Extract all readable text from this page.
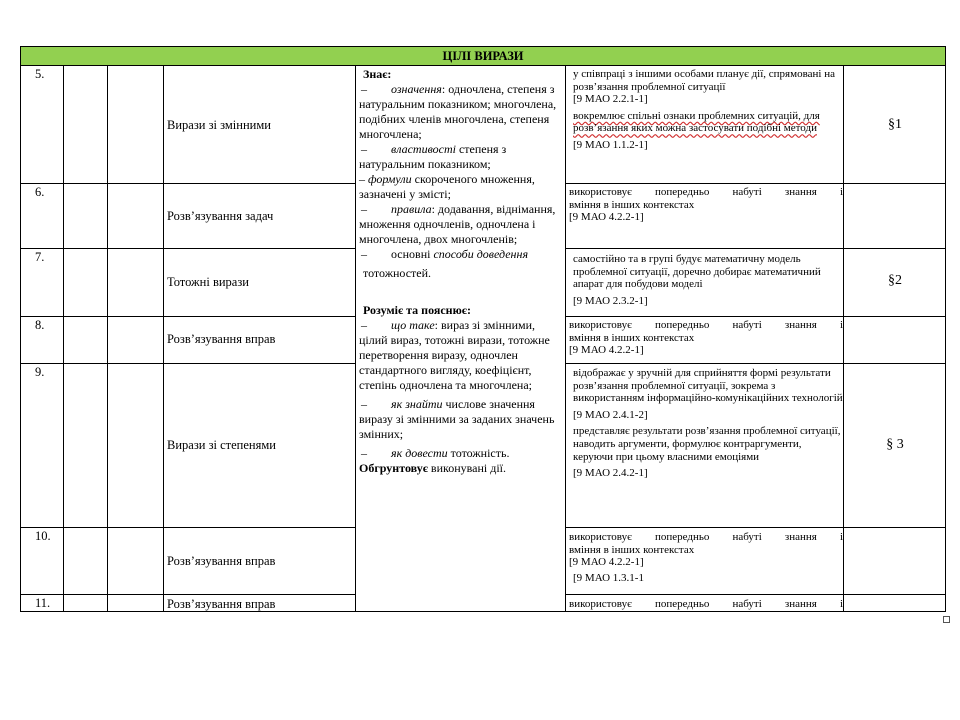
ЦІЛІ ВИРАЗИ
5.
6.
7.
8.
9.
10.
11.
Вирази зі змінними
Розв’язування задач
Тотожні вирази
Розв’язування вправ
Вирази зі степенями
Розв’язування вправ
Розв’язування вправ
§1
§2
§ 3

Знає:

– означення: одночлена, степеня з натуральним показником; многочлена, подібних членів многочлена, степеня многочлена;

– властивості степеня з натуральним показником;

– формули скороченого множення, зазначені у змісті;

– правила: додавання, віднімання, множення одночленів, одночлена і многочлена, двох многочленів;

– основні способи доведення

тотожностей.

Розуміє та пояснює:

– що таке: вираз зі змінними, цілий вираз, тотожні вирази, тотожне перетворення виразу, одночлен стандартного вигляду, коефіцієнт, степінь одночлена та многочлена;

– як знайти числове значення виразу зі змінними за заданих значень змінних;

– як довести тотожність.

Обгрунтовує виконувані дії.

у співпраці з іншими особами планує дії, спрямовані на розв’язання проблемної ситуації

[9 МАО 2.2.1-1]

вокремлює спільні ознаки проблемних ситуацій, для розв’язання яких можна застосувати подібні методи

[9 МАО 1.1.2-1]

використовує попередньо набуті знання і

вміння в інших контекстах

[9 МАО 4.2.2-1]

самостійно та в групі будує математичну модель проблемної ситуації, доречно добирає математичний апарат для побудови моделі

[9 МАО 2.3.2-1]

використовує попередньо набуті знання і

вміння в інших контекстах

[9 МАО 4.2.2-1]

відображає у зручній для сприйняття формі результати розв’язання проблемної ситуації, зокрема з використанням інформаційно-комунікаційних технологій

[9 МАО 2.4.1-2]

представляє результати розв’язання проблемної ситуації, наводить аргументи, формулює контраргументи, керуючи при цьому власними емоціями

[9 МАО 2.4.2-1]

використовує попередньо набуті знання і

вміння в інших контекстах

[9 МАО 4.2.2-1]

[9 МАО 1.3.1-1

використовує попередньо набуті знання і
